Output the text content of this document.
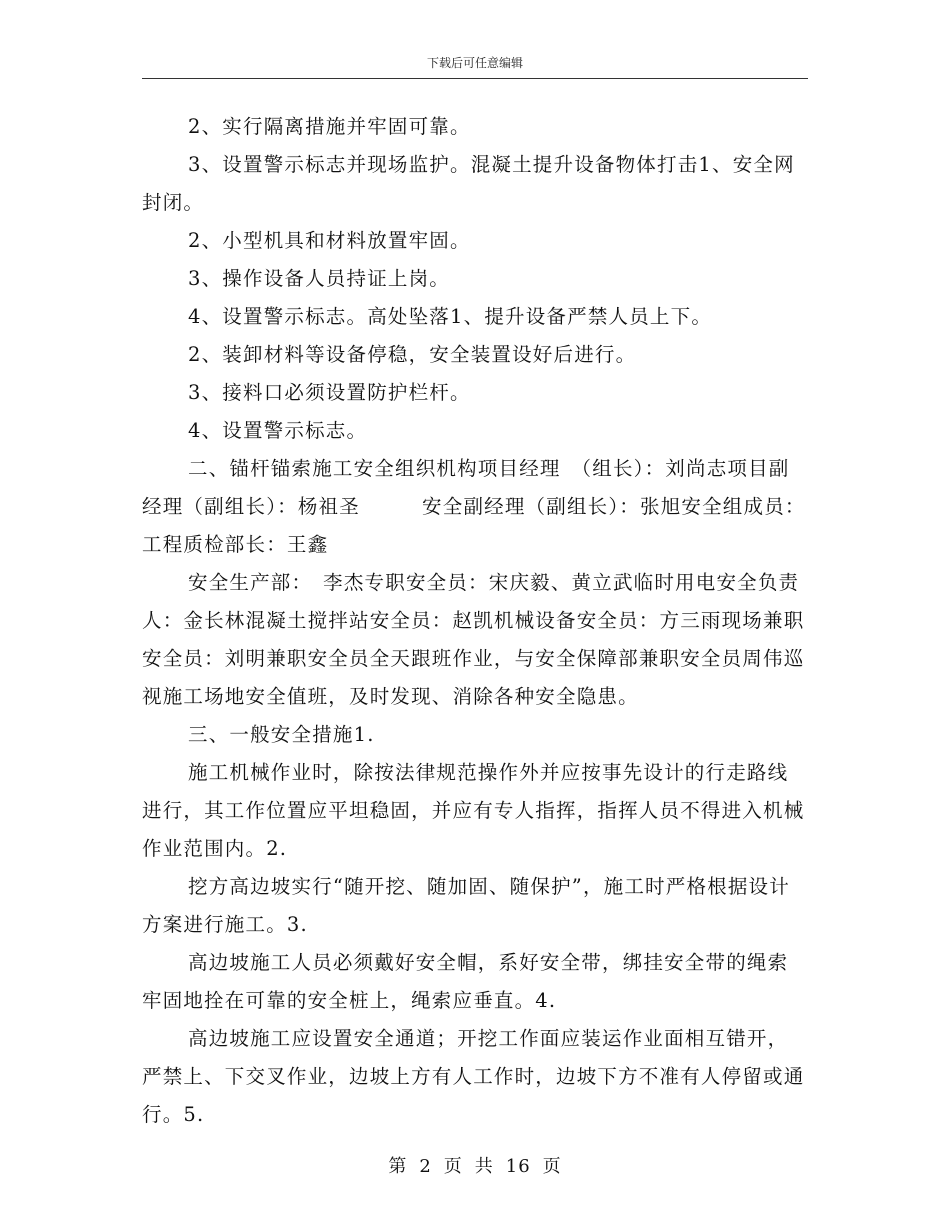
下载后可任意编辑

2、实行隔离措施并牢固可靠。

3、设置警示标志并现场监护。混凝土提升设备物体打击1、安全网封闭。

2、小型机具和材料放置牢固。

3、操作设备人员持证上岗。

4、设置警示标志。高处坠落1、提升设备严禁人员上下。

2、装卸材料等设备停稳，安全装置设好后进行。

3、接料口必须设置防护栏杆。

4、设置警示标志。

二、锚杆锚索施工安全组织机构项目经理　（组长）：刘尚志项目副经理（副组长）：杨祖圣　　　安全副经理（副组长）：张旭安全组成员：工程质检部长：王鑫

安全生产部：　李杰专职安全员：宋庆毅、黄立武临时用电安全负责人：金长林混凝土搅拌站安全员：赵凯机械设备安全员：方三雨现场兼职安全员：刘明兼职安全员全天跟班作业，与安全保障部兼职安全员周伟巡视施工场地安全值班，及时发现、消除各种安全隐患。

三、一般安全措施1.

施工机械作业时，除按法律规范操作外并应按事先设计的行走路线进行，其工作位置应平坦稳固，并应有专人指挥，指挥人员不得进入机械作业范围内。2.

挖方高边坡实行“随开挖、随加固、随保护”，施工时严格根据设计方案进行施工。3.

高边坡施工人员必须戴好安全帽，系好安全带，绑挂安全带的绳索牢固地拴在可靠的安全桩上，绳索应垂直。4.

高边坡施工应设置安全通道；开挖工作面应装运作业面相互错开，严禁上、下交叉作业，边坡上方有人工作时，边坡下方不准有人停留或通行。5.

第 2 页 共 16 页
